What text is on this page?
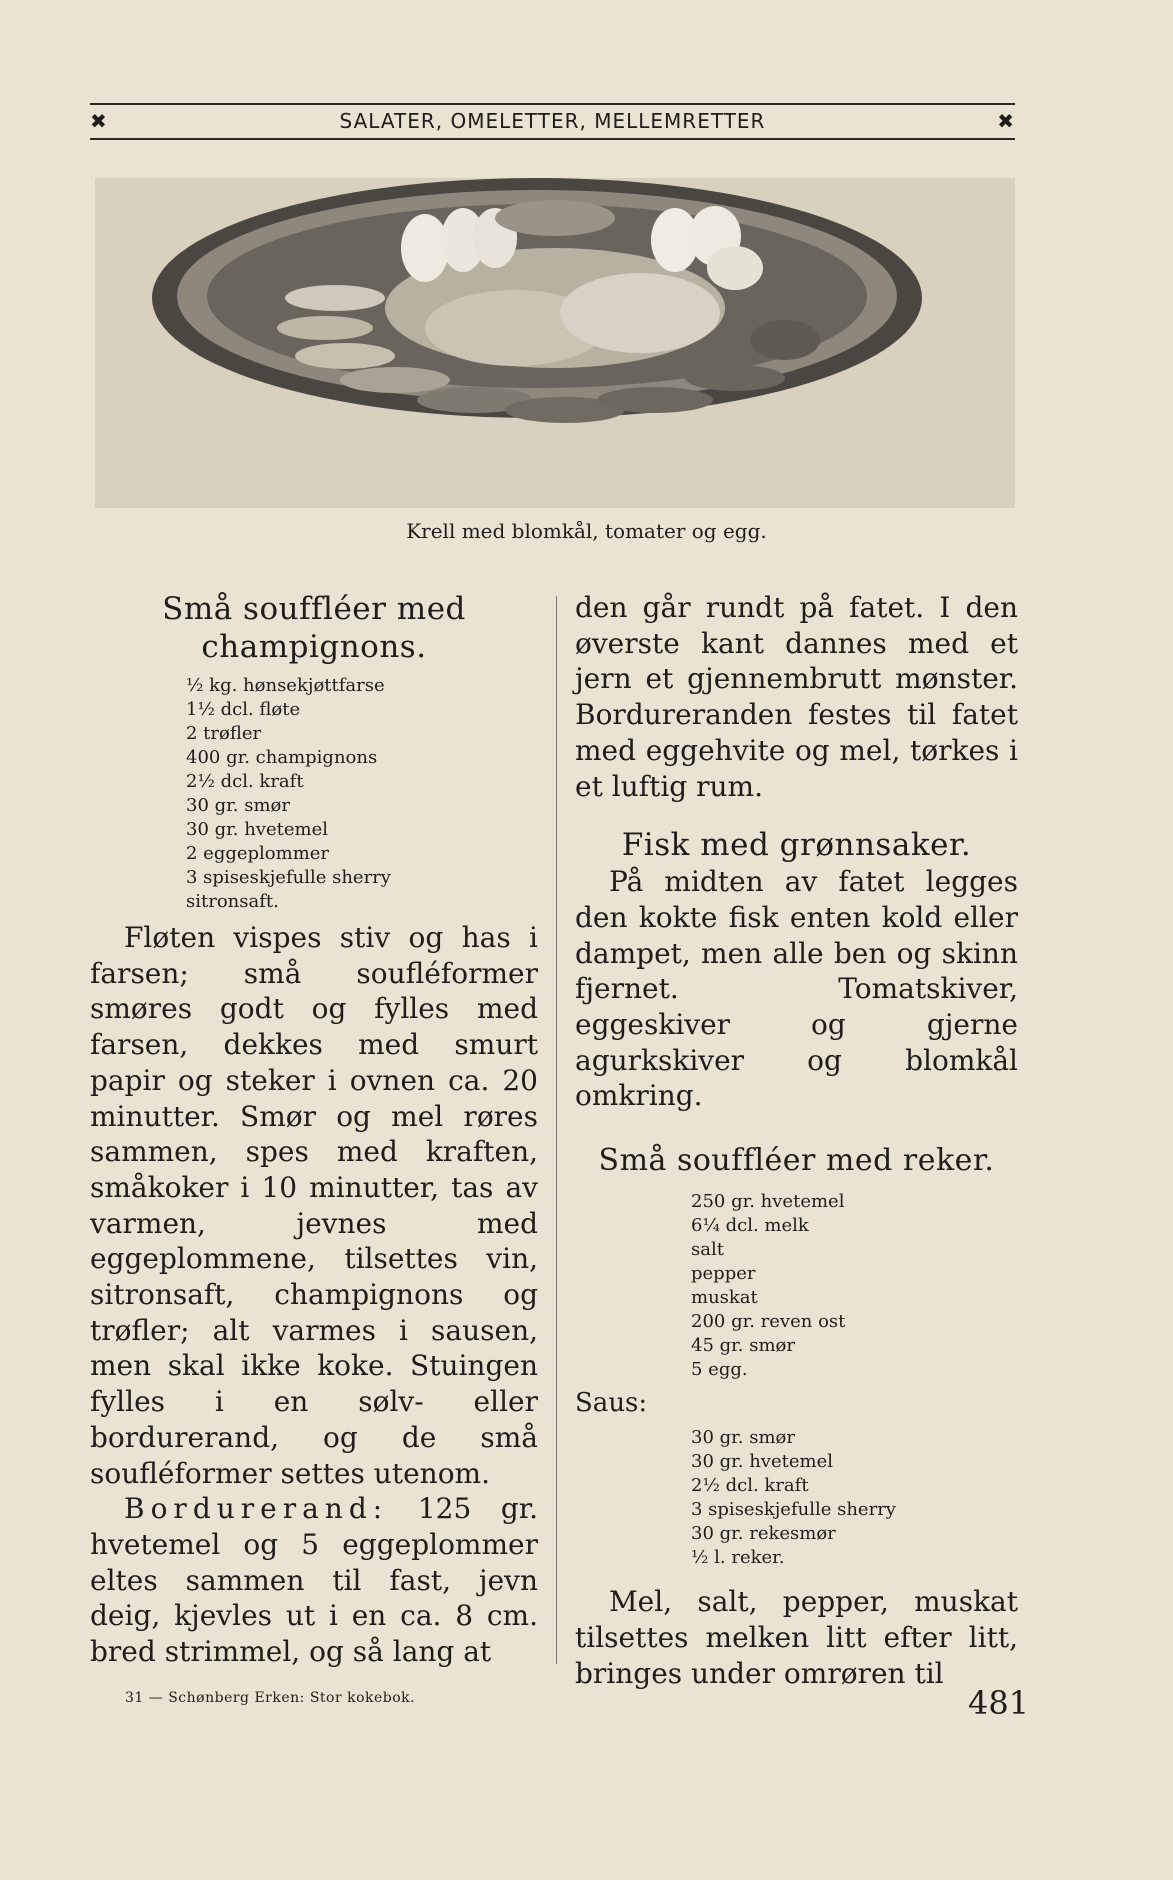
✖	SALATER, OMELETTER, MELLEMRETTER	✖
Krell med blomkål, tomater og egg.
Små souffléer med champignons.
½ kg. hønsekjøttfarse
1½ dcl. fløte
2 trøfler
400 gr. champignons
2½ dcl. kraft
30 gr. smør
30 gr. hvetemel
2 eggeplommer
3 spiseskjefulle sherry
sitronsaft.

Fløten vispes stiv og has i farsen; små soufléformer smøres godt og fylles med farsen, dekkes med smurt papir og steker i ovnen ca. 20 minutter. Smør og mel røres sammen, spes med kraften, småkoker i 10 minutter, tas av varmen, jevnes med eggeplommene, tilsettes vin, sitronsaft, champignons og trøfler; alt varmes i sausen, men skal ikke koke. Stuingen fylles i en sølv- eller bordurerand, og de små soufléformer settes utenom.

Bordurerand: 125 gr. hvetemel og 5 eggeplommer eltes sammen til fast, jevn deig, kjevles ut i en ca. 8 cm. bred strimmel, og så lang at

den går rundt på fatet. I den øverste kant dannes med et jern et gjennembrutt mønster. Bordureranden festes til fatet med eggehvite og mel, tørkes i et luftig rum.

Fisk med grønnsaker.

På midten av fatet legges den kokte fisk enten kold eller dampet, men alle ben og skinn fjernet. Tomatskiver, eggeskiver og gjerne agurkskiver og blomkål omkring.

Små souffléer med reker.
250 gr. hvetemel
6¼ dcl. melk
salt
pepper
muskat
200 gr. reven ost
45 gr. smør
5 egg.
Saus:
30 gr. smør
30 gr. hvetemel
2½ dcl. kraft
3 spiseskjefulle sherry
30 gr. rekesmør
½ l. reker.

Mel, salt, pepper, muskat tilsettes melken litt efter litt, bringes under omrøren til

31 — Schønberg Erken: Stor kokebok.	481
